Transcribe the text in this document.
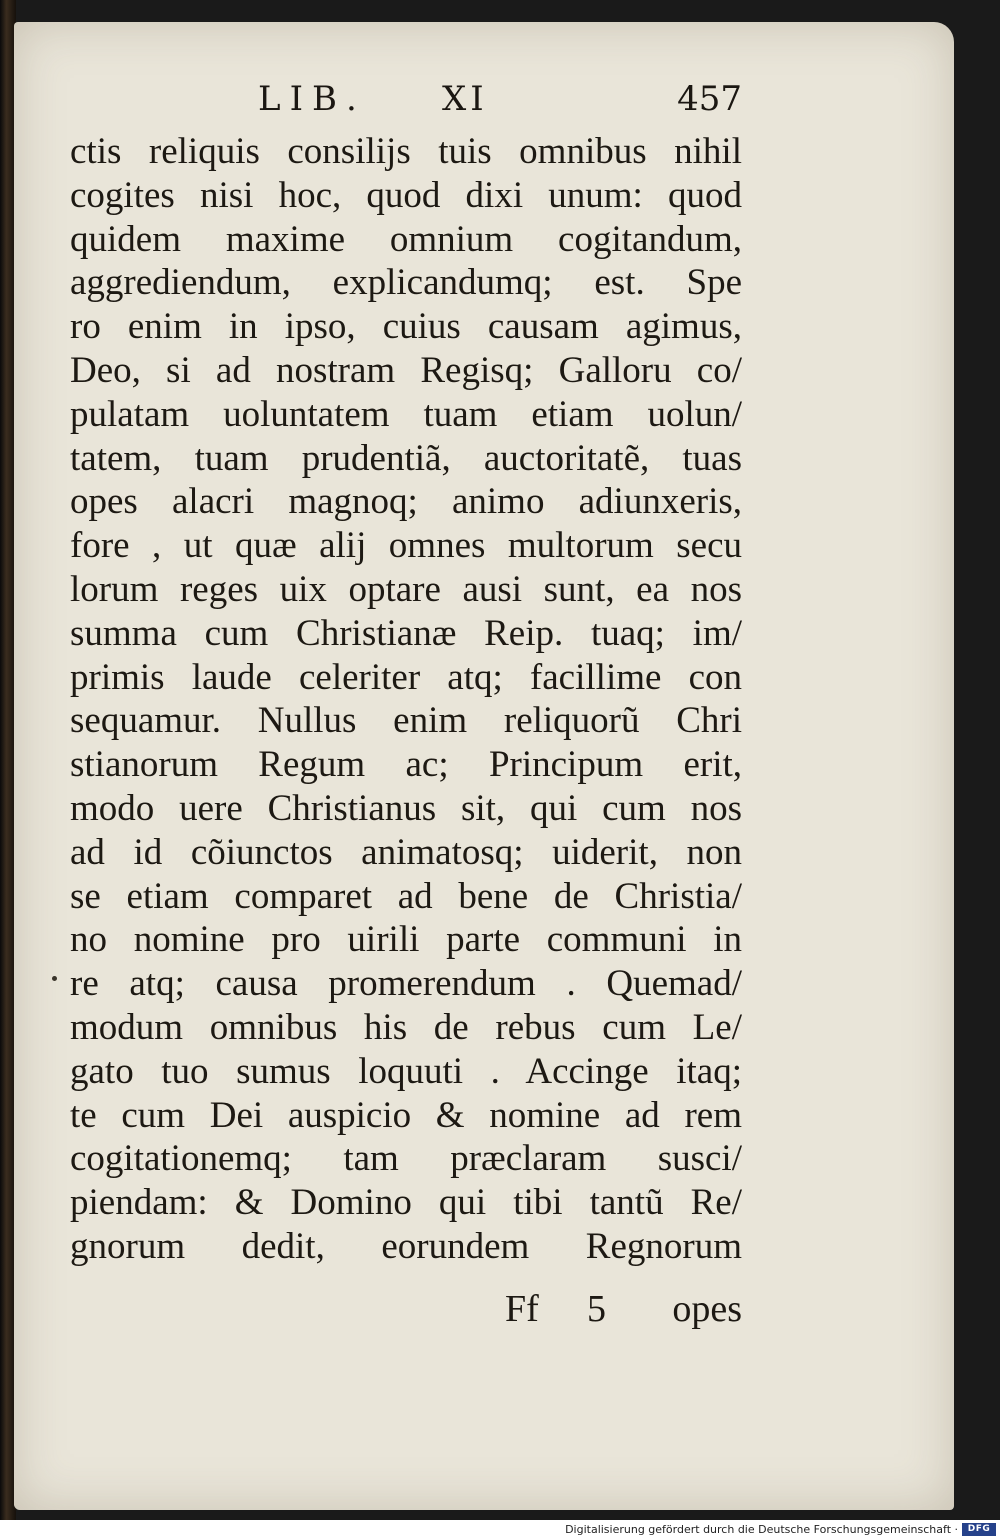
LIB. XI	457
ctis reliquis consilijs tuis omnibus nihil
cogites nisi hoc, quod dixi unum: quod
quidem maxime omnium cogitandum,
aggrediendum, explicandumq; est. Spe
ro enim in ipso, cuius causam agimus,
Deo, si ad nostram Regisq; Galloru co/
pulatam uoluntatem tuam etiam uolun/
tatem, tuam prudentiã, auctoritatẽ, tuas
opes alacri magnoq; animo adiunxeris,
fore , ut quæ alij omnes multorum secu
lorum reges uix optare ausi sunt, ea nos
summa cum Christianæ Reip. tuaq; im/
primis laude celeriter atq; facillime con
sequamur. Nullus enim reliquorũ Chri
stianorum Regum ac; Principum erit,
modo uere Christianus sit, qui cum nos
ad id cõiunctos animatosq; uiderit, non
se etiam comparet ad bene de Christia/
no nomine pro uirili parte communi in
re atq; causa promerendum . Quemad/
modum omnibus his de rebus cum Le/
gato tuo sumus loquuti . Accinge itaq;
te cum Dei auspicio & nomine ad rem
cogitationemq; tam præclaram susci/
piendam: & Domino qui tibi tantũ Re/
gnorum dedit, eorundem Regnorum
Ff 5 opes
Digitalisierung gefördert durch die Deutsche Forschungsgemeinschaft ·	DFG
